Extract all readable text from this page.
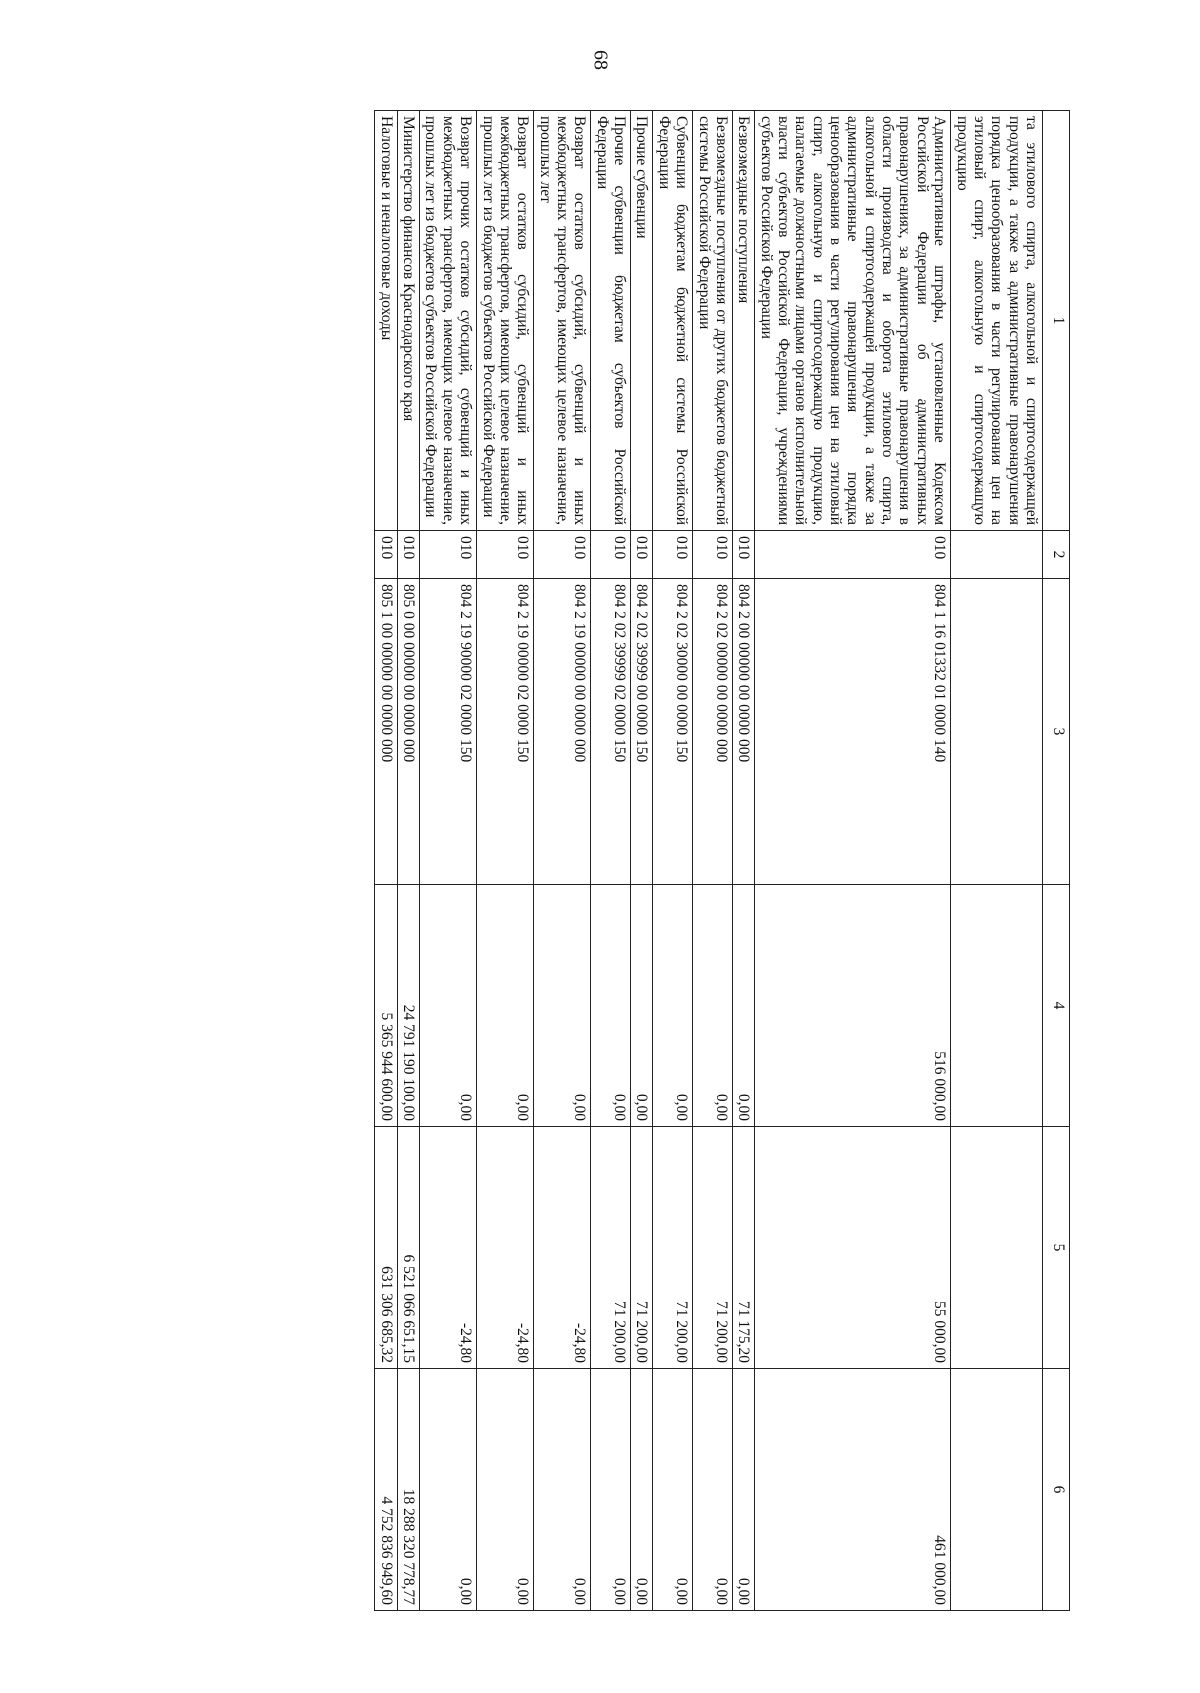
68
1	2	3	4	5	6
та этилового спирта, алкогольной и спиртосодержащей продукции, а также за административные правонарушения порядка ценообразования в части регулирования цен на этиловый спирт, алкогольную и спиртосодержащую продукцию					
Административные штрафы, установленные Кодексом Российской Федерации об административных правонарушениях, за административные правонарушения в области производства и оборота этилового спирта, алкогольной и спиртосодержащей продукции, а также за административные правонарушения порядка ценообразования в части регулирования цен на этиловый спирт, алкогольную и спиртосодержащую продукцию, налагаемые должностными лицами органов исполнительной власти субъектов Российской Федерации, учреждениями субъектов Российской Федерации	010	804 1 16 01332 01 0000 140	516 000,00	55 000,00	461 000,00
Безвозмездные поступления	010	804 2 00 00000 00 0000 000	0,00	71 175,20	0,00
Безвозмездные поступления от других бюджетов бюджетной системы Российской Федерации	010	804 2 02 00000 00 0000 000	0,00	71 200,00	0,00
Субвенции бюджетам бюджетной системы Российской Федерации	010	804 2 02 30000 00 0000 150	0,00	71 200,00	0,00
Прочие субвенции	010	804 2 02 39999 00 0000 150	0,00	71 200,00	0,00
Прочие субвенции бюджетам субъектов Российской Федерации	010	804 2 02 39999 02 0000 150	0,00	71 200,00	0,00
Возврат остатков субсидий, субвенций и иных межбюджетных трансфертов, имеющих целевое назначение, прошлых лет	010	804 2 19 00000 00 0000 000	0,00	-24,80	0,00
Возврат остатков субсидий, субвенций и иных межбюджетных трансфертов, имеющих целевое назначение, прошлых лет из бюджетов субъектов Российской Федерации	010	804 2 19 00000 02 0000 150	0,00	-24,80	0,00
Возврат прочих остатков субсидий, субвенций и иных межбюджетных трансфертов, имеющих целевое назначение, прошлых лет из бюджетов субъектов Российской Федерации	010	804 2 19 90000 02 0000 150	0,00	-24,80	0,00
Министерство финансов Краснодарского края	010	805 0 00 00000 00 0000 000	24 791 190 100,00	6 521 066 651,15	18 288 320 778,77
Налоговые и неналоговые доходы	010	805 1 00 00000 00 0000 000	5 365 944 600,00	631 306 685,32	4 752 836 949,60
